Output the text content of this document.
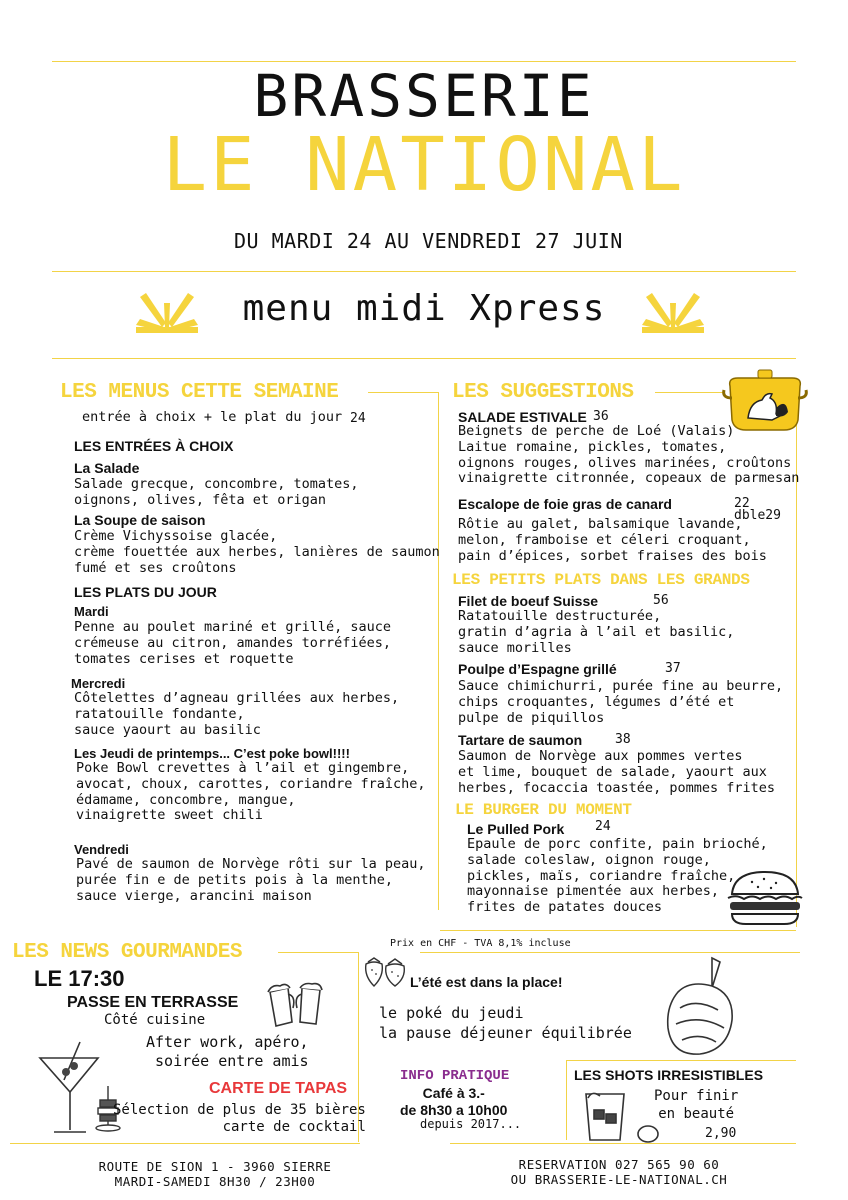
BRASSERIE
LE NATIONAL
DU MARDI 24 AU VENDREDI 27 JUIN
menu midi Xpress
LES MENUS CETTE SEMAINE
entrée à choix + le plat du jour 24
LES ENTRÉES À CHOIX
La Salade
Salade grecque, concombre, tomates,
oignons, olives, fêta et origan
La Soupe de saison
Crème Vichyssoise glacée,
crème fouettée aux herbes, lanières de saumon
fumé et ses croûtons
LES PLATS DU JOUR
Mardi
Penne au poulet mariné et grillé, sauce
crémeuse au citron, amandes torréfiées,
tomates cerises et roquette
Mercredi
Côtelettes d’agneau grillées aux herbes,
ratatouille fondante,
sauce yaourt au basilic
Les Jeudi de printemps... C’est poke bowl!!!!
Poke Bowl crevettes à l’ail et gingembre,
avocat, choux, carottes, coriandre fraîche,
édamame, concombre, mangue,
vinaigrette sweet chili
Vendredi
Pavé de saumon de Norvège rôti sur la peau,
purée fin e de petits pois à la menthe,
sauce vierge, arancini maison
LES SUGGESTIONS
SALADE ESTIVALE 36
Beignets de perche de Loé (Valais)
Laitue romaine, pickles, tomates,
oignons rouges, olives marinées, croûtons
vinaigrette citronnée, copeaux de parmesan
Escalope de foie gras de canard	22
dble29
Rôtie au galet, balsamique lavande,
melon, framboise et céleri croquant,
pain d’épices, sorbet fraises des bois
LES PETITS PLATS DANS LES GRANDS
Filet de boeuf Suisse	56
Ratatouille destructurée,
gratin d’agria à l’ail et basilic,
sauce morilles
Poulpe d’Espagne grillé	37
Sauce chimichurri, purée fine au beurre,
chips croquantes, légumes d’été et
pulpe de piquillos
Tartare de saumon	38
Saumon de Norvège aux pommes vertes
et lime, bouquet de salade, yaourt aux
herbes, focaccia toastée, pommes frites
LE BURGER DU MOMENT
Le Pulled Pork 24
Epaule de porc confite, pain brioché,
salade coleslaw, oignon rouge,
pickles, maïs, coriandre fraîche,
mayonnaise pimentée aux herbes,
frites de patates douces
LES NEWS GOURMANDES	Prix en CHF - TVA 8,1% incluse
LE 17:30
PASSE EN TERRASSE
Côté cuisine
After work, apéro,
soirée entre amis
CARTE DE TAPAS
Sélection de plus de 35 bières
carte de cocktail
L’été est dans la place!
le poké du jeudi
la pause déjeuner équilibrée
INFO PRATIQUE
Café à 3.-
de 8h30 a 10h00
depuis 2017...
LES SHOTS IRRESISTIBLES
Pour finir
en beauté
2,90
ROUTE DE SION 1 - 3960 SIERRE
MARDI-SAMEDI 8H30 / 23H00
RESERVATION 027 565 90 60
OU BRASSERIE-LE-NATIONAL.CH
